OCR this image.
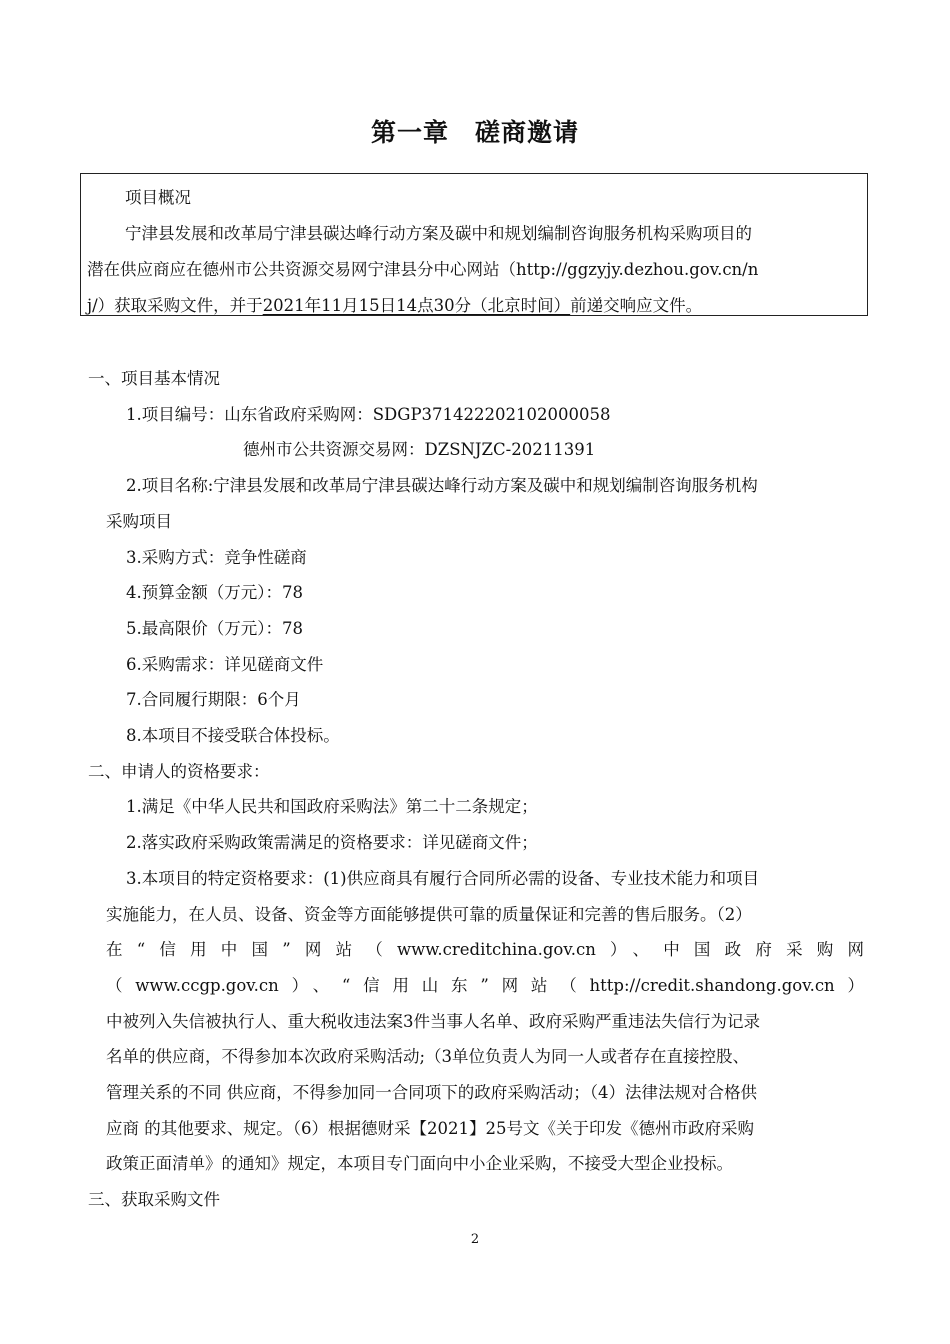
第一章　磋商邀请
项目概况
宁津县发展和改革局宁津县碳达峰行动方案及碳中和规划编制咨询服务机构采购项目的
潜在供应商应在德州市公共资源交易网宁津县分中心网站（http://ggzyjy.dezhou.gov.cn/n
j/）获取采购文件，并于2021年11月15日14点30分（北京时间）前递交响应文件。
一、项目基本情况
1.项目编号：山东省政府采购网：SDGP371422202102000058
德州市公共资源交易网：DZSNJZC-20211391
2.项目名称:宁津县发展和改革局宁津县碳达峰行动方案及碳中和规划编制咨询服务机构
采购项目
3.采购方式：竞争性磋商
4.预算金额（万元）：78
5.最高限价（万元）：78
6.采购需求：详见磋商文件
7.合同履行期限：6个月
8.本项目不接受联合体投标。
二、申请人的资格要求：
1.满足《中华人民共和国政府采购法》第二十二条规定；
2.落实政府采购政策需满足的资格要求：详见磋商文件；
3.本项目的特定资格要求：(1)供应商具有履行合同所必需的设备、专业技术能力和项目
实施能力，在人员、设备、资金等方面能够提供可靠的质量保证和完善的售后服务。（2）
在“信用中国”网站（www.creditchina.gov.cn）、中国政府采购网
（www.ccgp.gov.cn）、“信用山东”网站（http://credit.shandong.gov.cn）
中被列入失信被执行人、重大税收违法案3件当事人名单、政府采购严重违法失信行为记录
名单的供应商，不得参加本次政府采购活动;（3单位负责人为同一人或者存在直接控股、
管理关系的不同 供应商，不得参加同一合同项下的政府采购活动；（4）法律法规对合格供
应商 的其他要求、规定。（6）根据德财采【2021】25号文《关于印发《德州市政府采购
政策正面清单》的通知》规定，本项目专门面向中小企业采购，不接受大型企业投标。
三、获取采购文件
2
